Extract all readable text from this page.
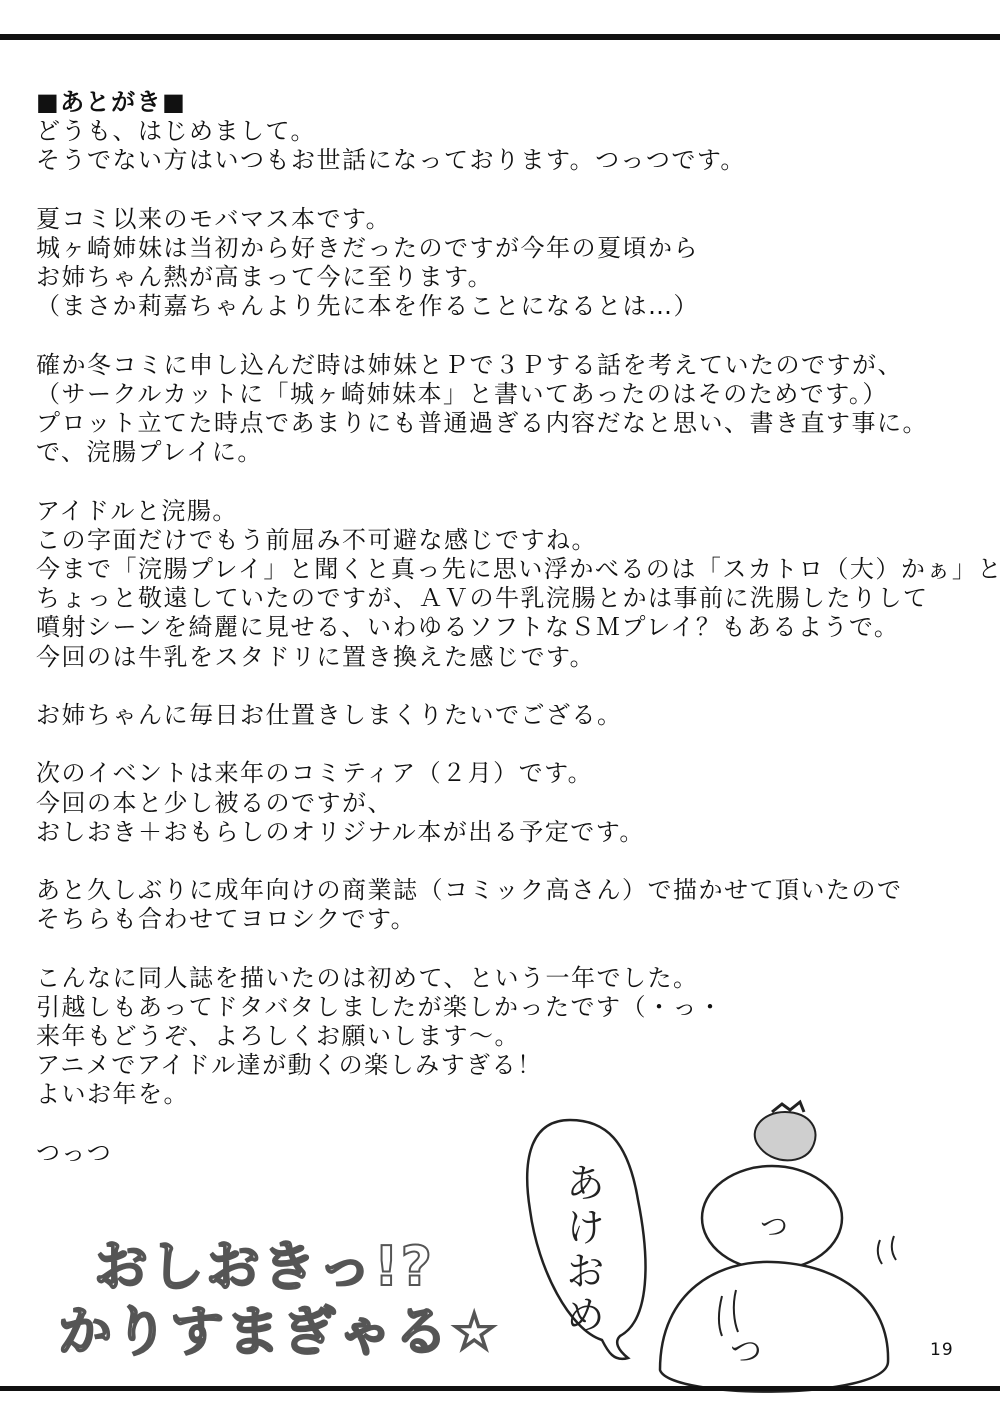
■あとがき■
どうも、はじめまして。
そうでない方はいつもお世話になっております。つっつです。
夏コミ以来のモバマス本です。
城ヶ崎姉妹は当初から好きだったのですが今年の夏頃から
お姉ちゃん熱が高まって今に至ります。
（まさか莉嘉ちゃんより先に本を作ることになるとは…）
確か冬コミに申し込んだ時は姉妹とＰで３Ｐする話を考えていたのですが、
（サークルカットに「城ヶ崎姉妹本」と書いてあったのはそのためです。）
プロット立てた時点であまりにも普通過ぎる内容だなと思い、書き直す事に。
で、浣腸プレイに。
アイドルと浣腸。
この字面だけでもう前屈み不可避な感じですね。
今まで「浣腸プレイ」と聞くと真っ先に思い浮かべるのは「スカトロ（大）かぁ」と
ちょっと敬遠していたのですが、ＡＶの牛乳浣腸とかは事前に洗腸したりして
噴射シーンを綺麗に見せる、いわゆるソフトなＳＭプレイ？もあるようで。
今回のは牛乳をスタドリに置き換えた感じです。
お姉ちゃんに毎日お仕置きしまくりたいでござる。
次のイベントは来年のコミティア（２月）です。
今回の本と少し被るのですが、
おしおき＋おもらしのオリジナル本が出る予定です。
あと久しぶりに成年向けの商業誌（コミック高さん）で描かせて頂いたので
そちらも合わせてヨロシクです。
こんなに同人誌を描いたのは初めて、という一年でした。
引越しもあってドタバタしましたが楽しかったです（・っ・
来年もどうぞ、よろしくお願いします～。
アニメでアイドル達が動くの楽しみすぎる！
よいお年を。
つっつ
おしおきっ!?
かりすまぎゃる☆ あけおめ	つ
つ	19
